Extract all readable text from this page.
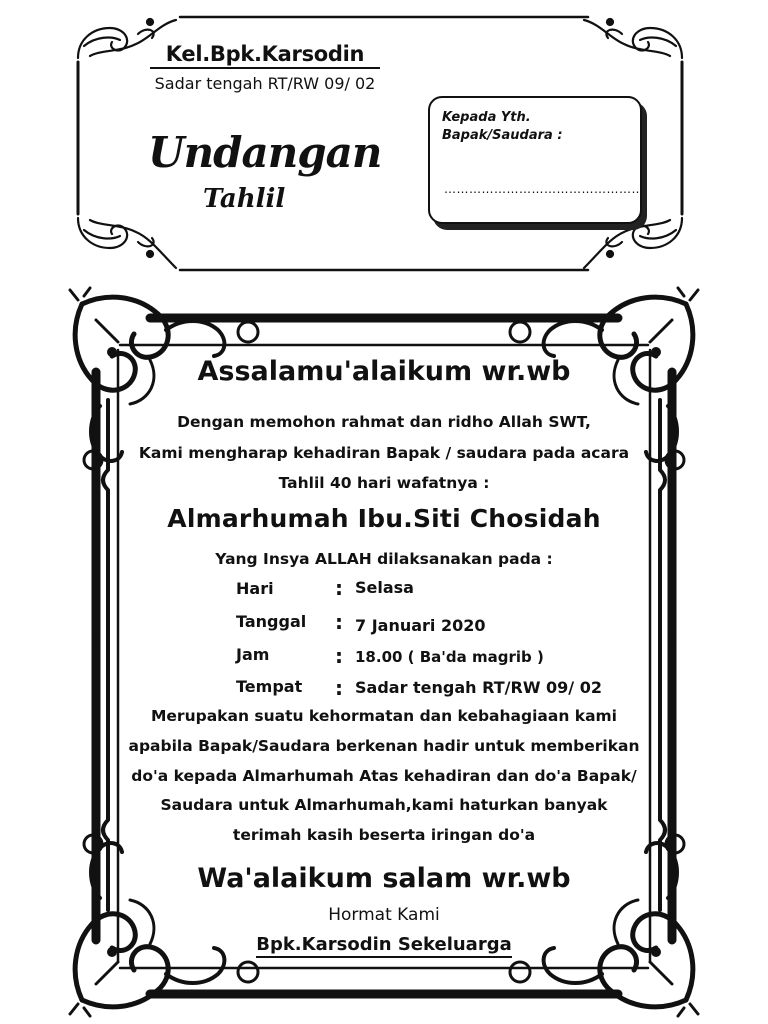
Kel.Bpk.Karsodin
Sadar tengah RT/RW 09/ 02
Undangan
Tahlil
Kepada Yth.
Bapak/Saudara :
…………………………………………
Assalamu'alaikum wr.wb
Dengan memohon rahmat dan ridho Allah SWT,
Kami mengharap kehadiran Bapak / saudara pada acara
Tahlil 40 hari wafatnya :
Almarhumah Ibu.Siti Chosidah
Yang Insya ALLAH dilaksanakan pada :
Hari	: Selasa
Tanggal : 7 Januari 2020
Jam	: 18.00 ( Ba'da magrib )
Tempat : Sadar tengah RT/RW 09/ 02
Merupakan suatu kehormatan dan kebahagiaan kami
apabila Bapak/Saudara berkenan hadir untuk memberikan
do'a kepada Almarhumah Atas kehadiran dan do'a Bapak/
Saudara untuk Almarhumah,kami haturkan banyak
terimah kasih beserta iringan do'a
Wa'alaikum salam wr.wb
Hormat Kami
Bpk.Karsodin Sekeluarga
